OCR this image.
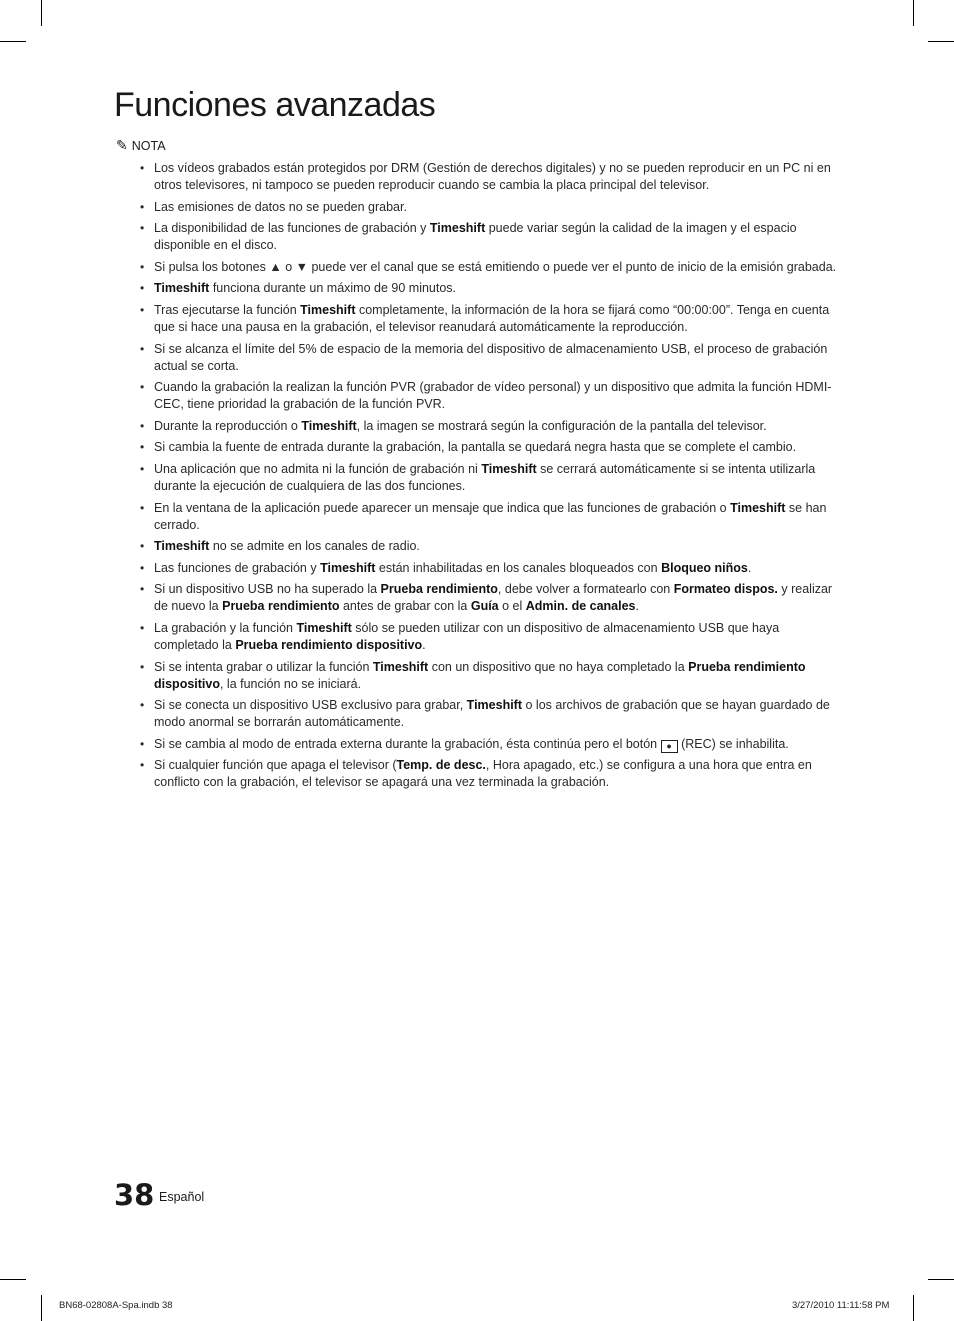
Funciones avanzadas
✎ NOTA
• Los vídeos grabados están protegidos por DRM (Gestión de derechos digitales) y no se pueden reproducir en un PC ni en otros televisores, ni tampoco se pueden reproducir cuando se cambia la placa principal del televisor.
• Las emisiones de datos no se pueden grabar.
• La disponibilidad de las funciones de grabación y Timeshift puede variar según la calidad de la imagen y el espacio disponible en el disco.
• Si pulsa los botones ▲ o ▼ puede ver el canal que se está emitiendo o puede ver el punto de inicio de la emisión grabada.
• Timeshift funciona durante un máximo de 90 minutos.
• Tras ejecutarse la función Timeshift completamente, la información de la hora se fijará como “00:00:00”. Tenga en cuenta que si hace una pausa en la grabación, el televisor reanudará automáticamente la reproducción.
• Si se alcanza el límite del 5% de espacio de la memoria del dispositivo de almacenamiento USB, el proceso de grabación actual se corta.
• Cuando la grabación la realizan la función PVR (grabador de vídeo personal) y un dispositivo que admita la función HDMI-CEC, tiene prioridad la grabación de la función PVR.
• Durante la reproducción o Timeshift, la imagen se mostrará según la configuración de la pantalla del televisor.
• Si cambia la fuente de entrada durante la grabación, la pantalla se quedará negra hasta que se complete el cambio.
• Una aplicación que no admita ni la función de grabación ni Timeshift se cerrará automáticamente si se intenta utilizarla durante la ejecución de cualquiera de las dos funciones.
• En la ventana de la aplicación puede aparecer un mensaje que indica que las funciones de grabación o Timeshift se han cerrado.
• Timeshift no se admite en los canales de radio.
• Las funciones de grabación y Timeshift están inhabilitadas en los canales bloqueados con Bloqueo niños.
• Si un dispositivo USB no ha superado la Prueba rendimiento, debe volver a formatearlo con Formateo dispos. y realizar de nuevo la Prueba rendimiento antes de grabar con la Guía o el Admin. de canales.
• La grabación y la función Timeshift sólo se pueden utilizar con un dispositivo de almacenamiento USB que haya completado la Prueba rendimiento dispositivo.
• Si se intenta grabar o utilizar la función Timeshift con un dispositivo que no haya completado la Prueba rendimiento dispositivo, la función no se iniciará.
• Si se conecta un dispositivo USB exclusivo para grabar, Timeshift o los archivos de grabación que se hayan guardado de modo anormal se borrarán automáticamente.
• Si se cambia al modo de entrada externa durante la grabación, ésta continúa pero el botón ● (REC) se inhabilita.
• Si cualquier función que apaga el televisor (Temp. de desc., Hora apagado, etc.) se configura a una hora que entra en conflicto con la grabación, el televisor se apagará una vez terminada la grabación.
38 Español
BN68-02808A-Spa.indb 38	3/27/2010 11:11:58 PM
